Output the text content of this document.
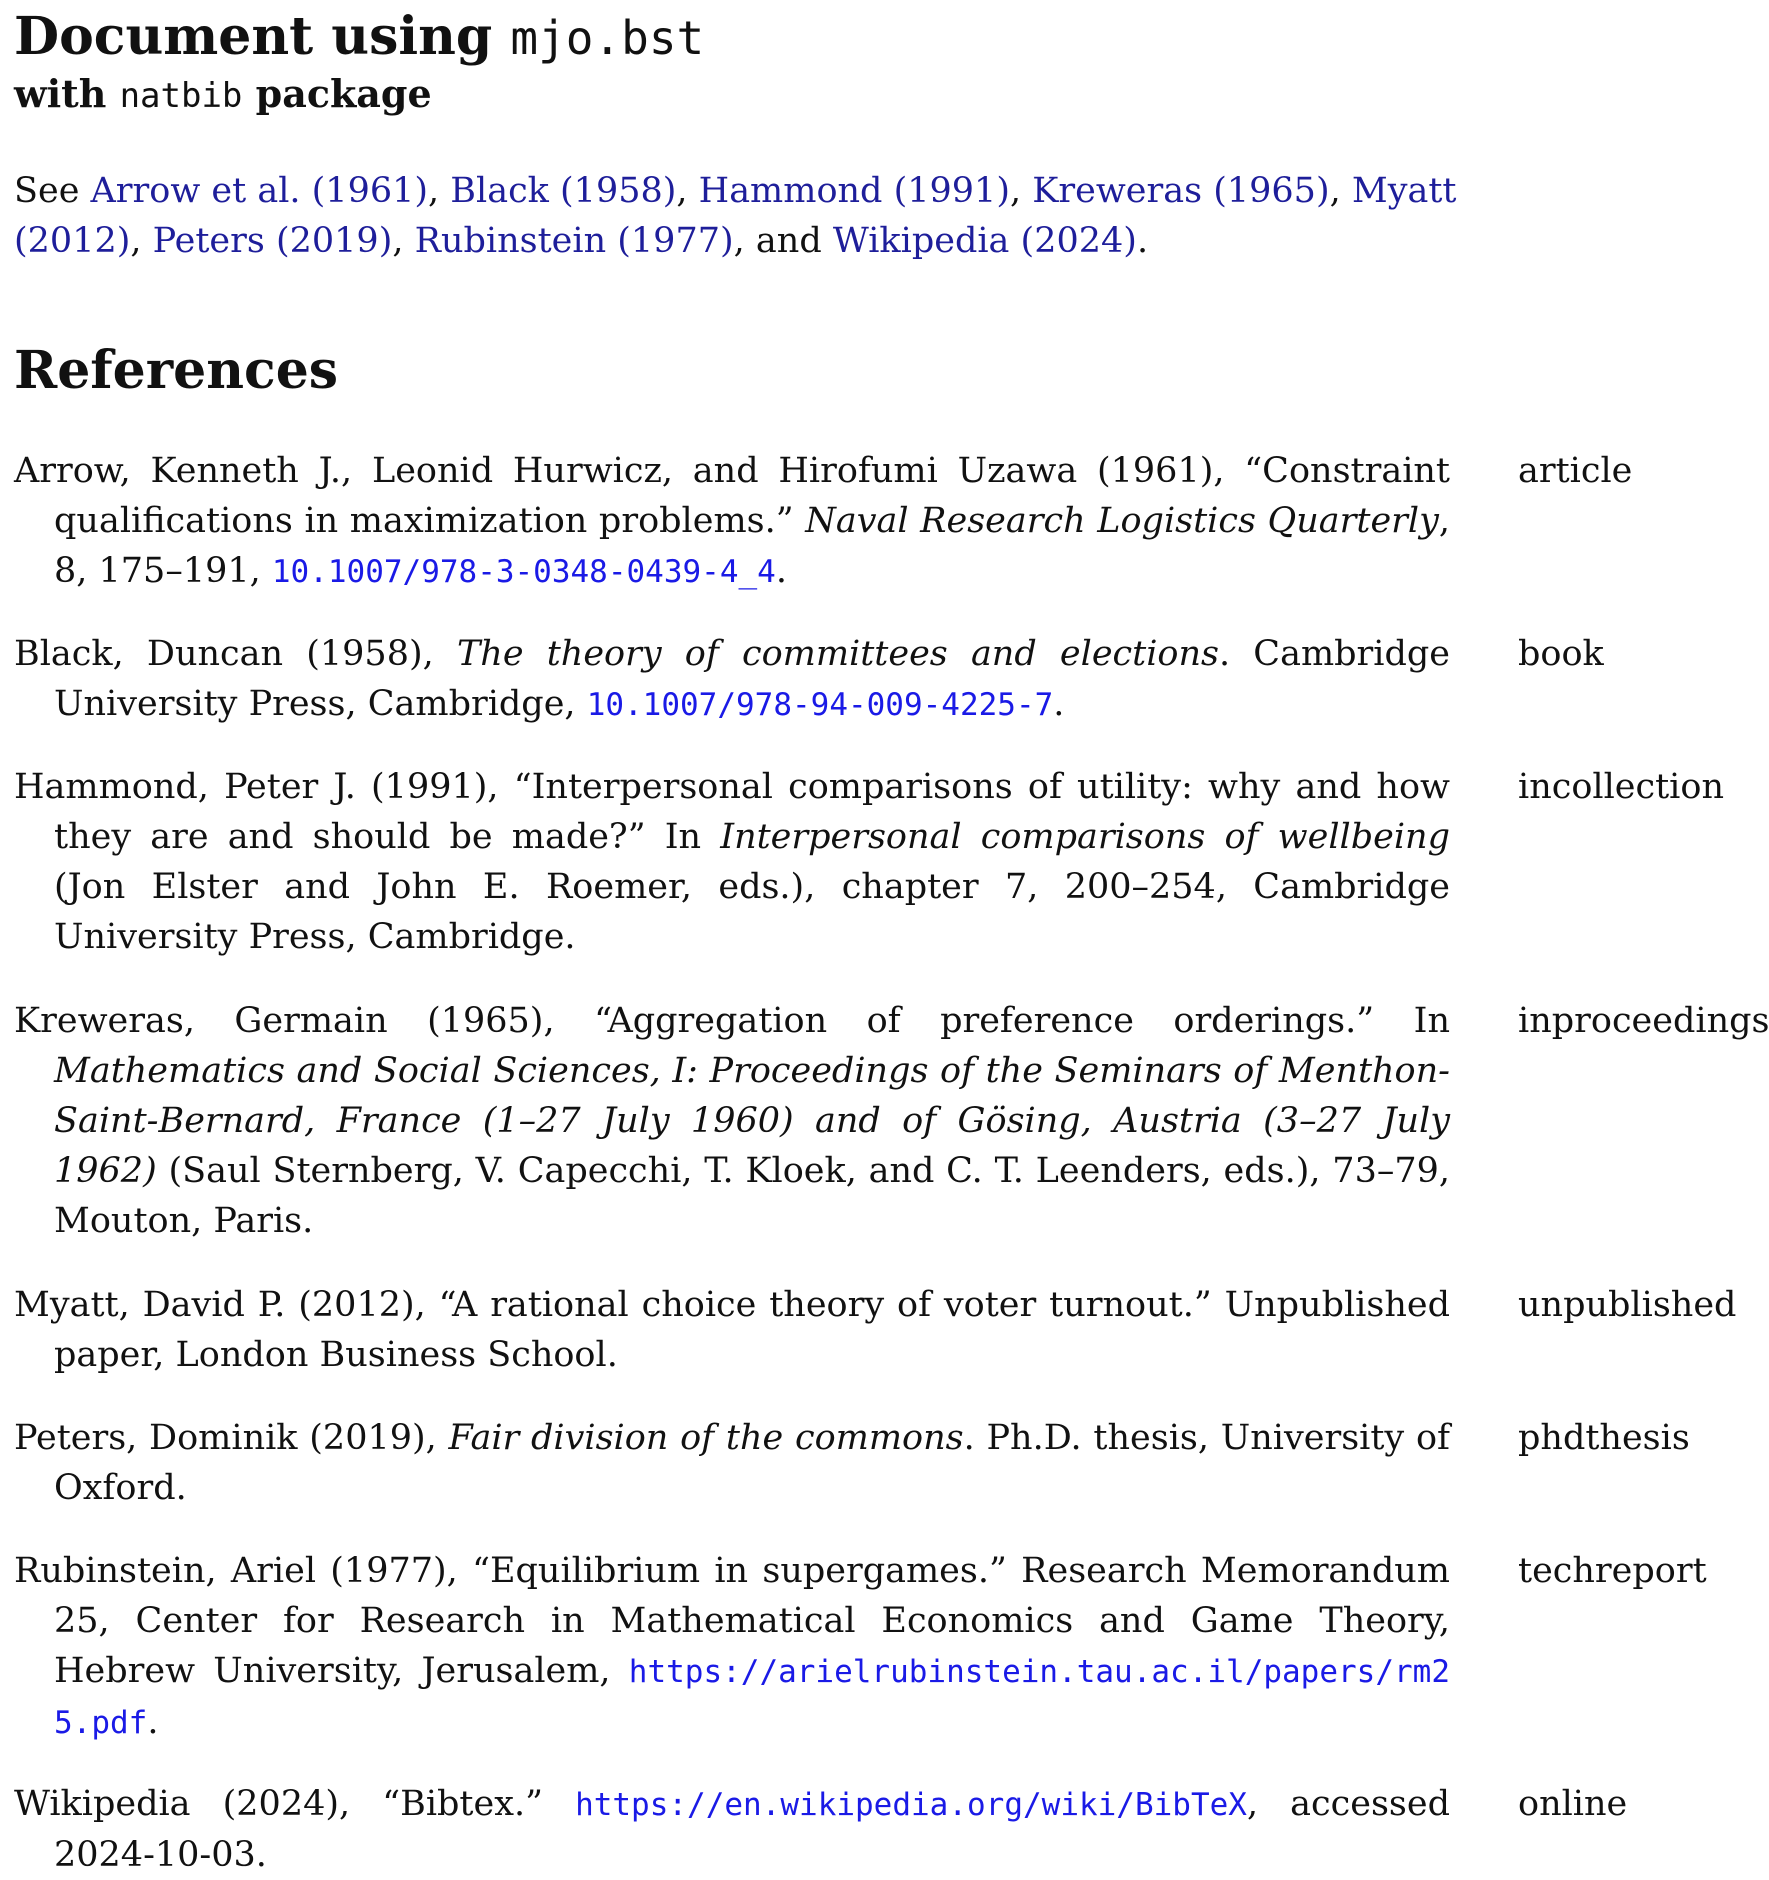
Document using mjo.bst
with natbib package

See Arrow et al. (1961), Black (1958), Hammond (1991), Kreweras (1965), Myatt (2012), Peters (2019), Rubinstein (1977), and Wikipedia (2024).

References

Arrow, Kenneth J., Leonid Hurwicz, and Hirofumi Uzawa (1961), “Constraint qualifications in maximization problems.” Naval Research Logistics Quarterly, 8, 175–191, 10.1007/978-3-0348-0439-4_4.

article

Black, Duncan (1958), The theory of committees and elections. Cambridge University Press, Cambridge, 10.1007/978-94-009-4225-7.

book

Hammond, Peter J. (1991), “Interpersonal comparisons of utility: why and how they are and should be made?” In Interpersonal comparisons of wellbeing (Jon Elster and John E. Roemer, eds.), chapter 7, 200–254, Cambridge University Press, Cambridge.

incollection

Kreweras, Germain (1965), “Aggregation of preference orderings.” In Mathematics and Social Sciences, I: Proceedings of the Seminars of Menthon-Saint-Bernard, France (1–27 July 1960) and of Gösing, Austria (3–27 July 1962) (Saul Sternberg, V. Capecchi, T. Kloek, and C. T. Leenders, eds.), 73–79, Mouton, Paris.

inproceedings

Myatt, David P. (2012), “A rational choice theory of voter turnout.” Unpublished paper, London Business School.

unpublished

Peters, Dominik (2019), Fair division of the commons. Ph.D. thesis, University of Oxford.

phdthesis

Rubinstein, Ariel (1977), “Equilibrium in supergames.” Research Memorandum 25, Center for Research in Mathematical Economics and Game Theory, Hebrew University, Jerusalem, https://arielrubinstein.tau.ac.il/papers/rm25.pdf.

techreport

Wikipedia (2024), “Bibtex.” https://en.wikipedia.org/wiki/BibTeX, accessed 2024-10-03.

online
